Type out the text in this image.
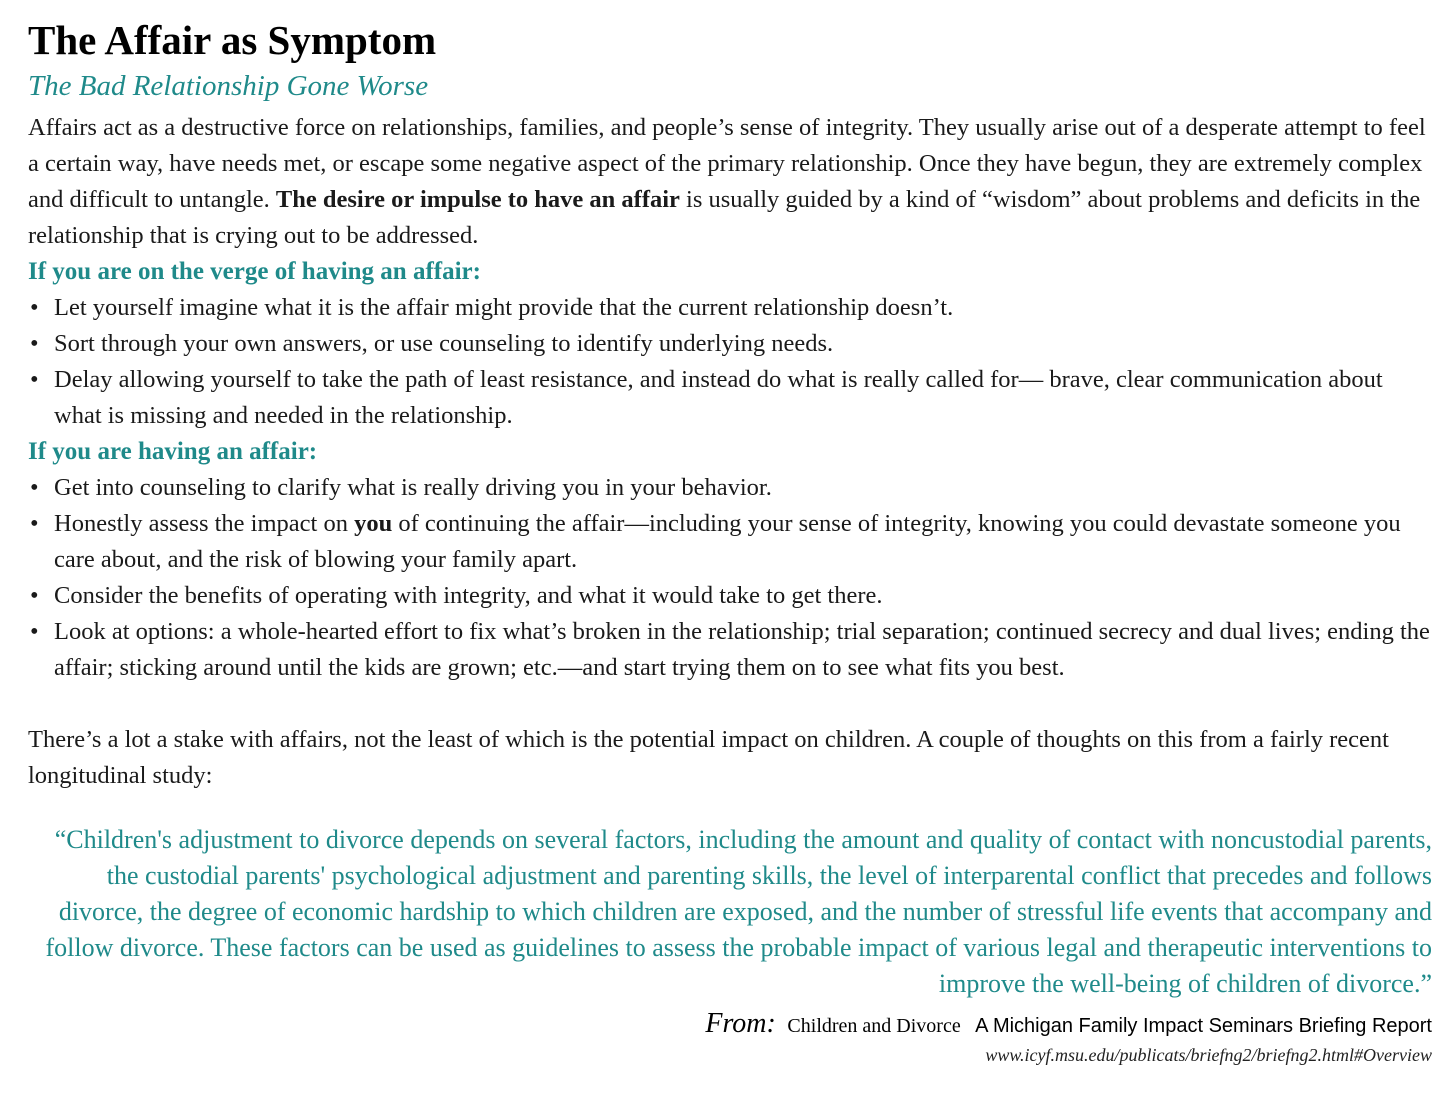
The Affair as Symptom

The Bad Relationship Gone Worse

Affairs act as a destructive force on relationships, families, and people’s sense of integrity. They usually arise out of a desperate attempt to feel a certain way, have needs met, or escape some negative aspect of the primary relationship. Once they have begun, they are extremely complex and difficult to untangle. The desire or impulse to have an affair is usually guided by a kind of “wisdom” about problems and deficits in the relationship that is crying out to be addressed.

If you are on the verge of having an affair:

• Let yourself imagine what it is the affair might provide that the current relationship doesn’t.
• Sort through your own answers, or use counseling to identify underlying needs.
• Delay allowing yourself to take the path of least resistance, and instead do what is really called for— brave, clear communication about what is missing and needed in the relationship.

If you are having an affair:

• Get into counseling to clarify what is really driving you in your behavior.
• Honestly assess the impact on you of continuing the affair—including your sense of integrity, knowing you could devastate someone you care about, and the risk of blowing your family apart.
• Consider the benefits of operating with integrity, and what it would take to get there.
• Look at options: a whole-hearted effort to fix what’s broken in the relationship; trial separation; continued secrecy and dual lives; ending the affair; sticking around until the kids are grown; etc.—and start trying them on to see what fits you best.

There’s a lot a stake with affairs, not the least of which is the potential impact on children. A couple of thoughts on this from a fairly recent longitudinal study:

“Children's adjustment to divorce depends on several factors, including the amount and quality of contact with noncustodial parents, the custodial parents' psychological adjustment and parenting skills, the level of interparental conflict that precedes and follows divorce, the degree of economic hardship to which children are exposed, and the number of stressful life events that accompany and follow divorce. These factors can be used as guidelines to assess the probable impact of various legal and therapeutic interventions to improve the well-being of children of divorce.”

From: Children and Divorce A Michigan Family Impact Seminars Briefing Report
www.icyf.msu.edu/publicats/briefng2/briefng2.html#Overview
